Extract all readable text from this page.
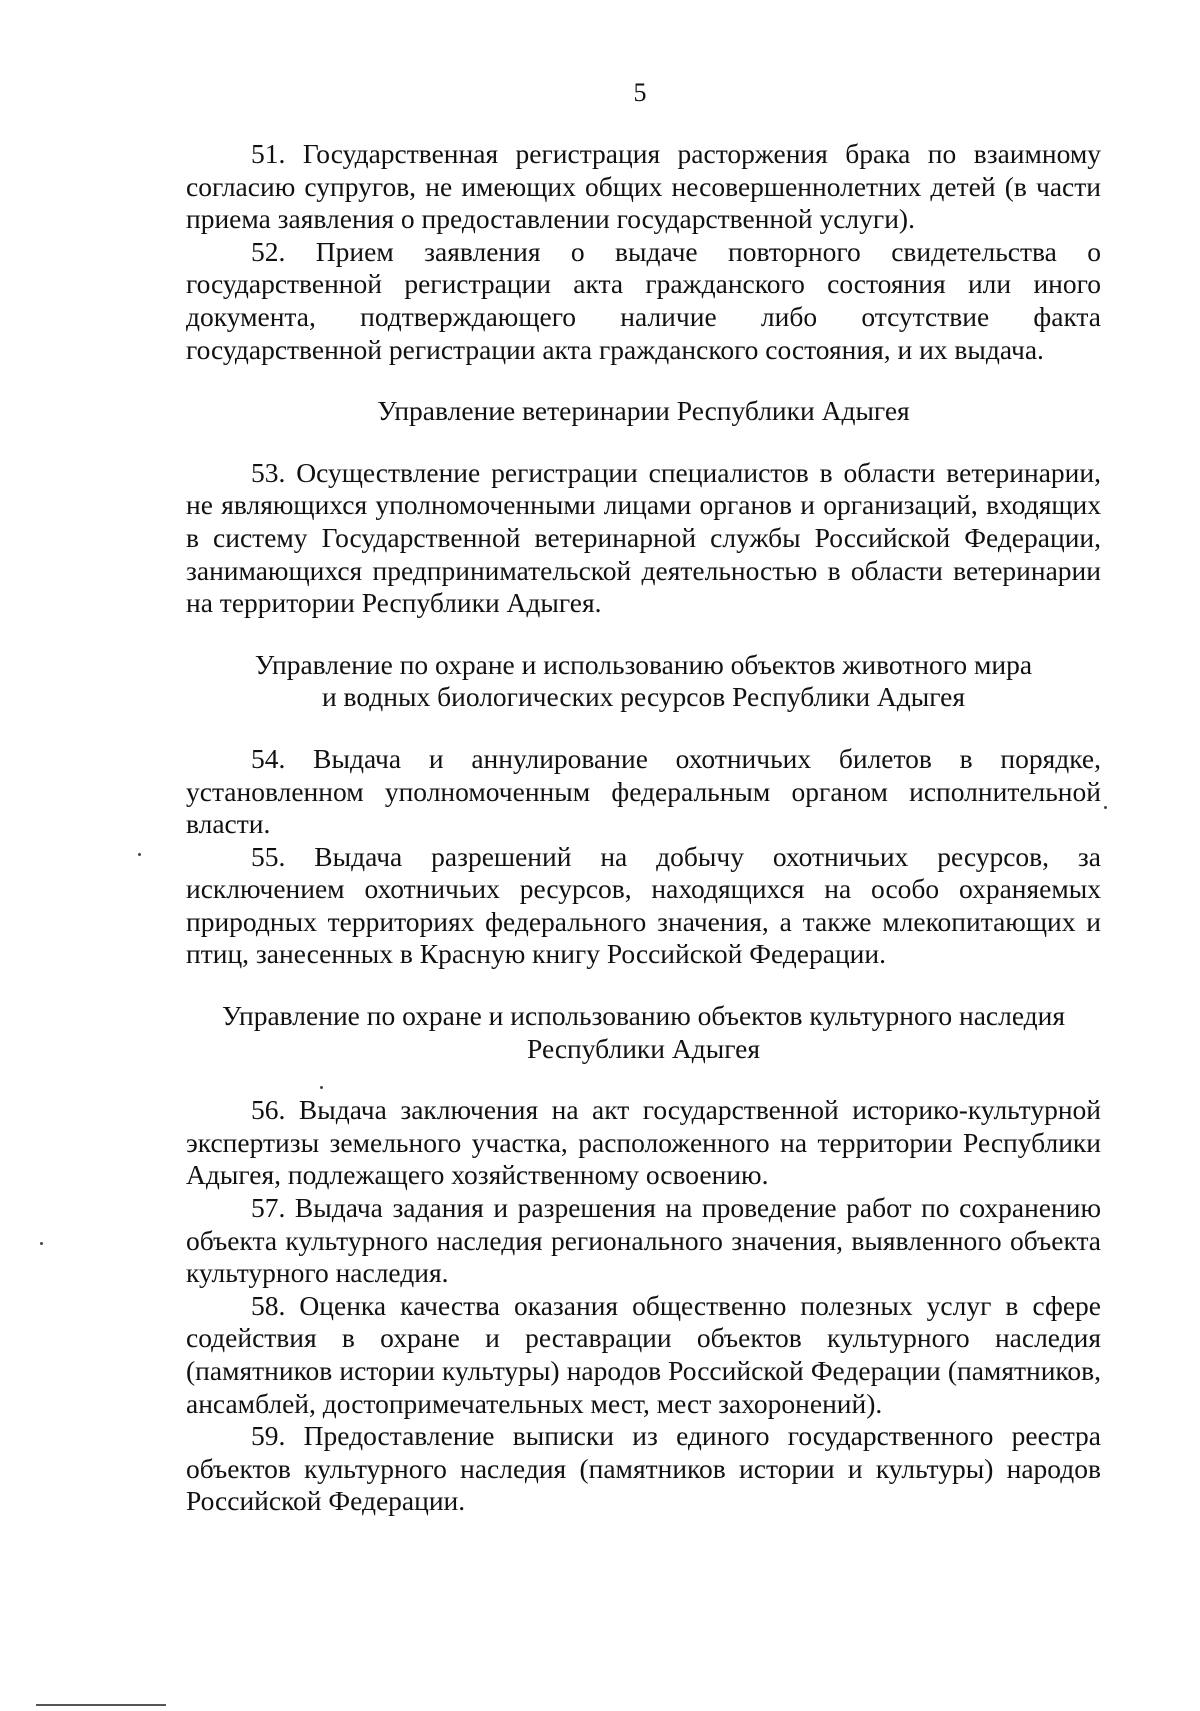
5

51. Государственная регистрация расторжения брака по взаимному согласию супругов, не имеющих общих несовершеннолетних детей (в части приема заявления о предоставлении государственной услуги).

52. Прием заявления о выдаче повторного свидетельства о государственной регистрации акта гражданского состояния или иного документа, подтверждающего наличие либо отсутствие факта государственной регистрации акта гражданского состояния, и их выдача.

Управление ветеринарии Республики Адыгея

53. Осуществление регистрации специалистов в области ветеринарии, не являющихся уполномоченными лицами органов и организаций, входящих в систему Государственной ветеринарной службы Российской Федерации, занимающихся предпринимательской деятельностью в области ветеринарии на территории Республики Адыгея.

Управление по охране и использованию объектов животного мира
и водных биологических ресурсов Республики Адыгея

54. Выдача и аннулирование охотничьих билетов в порядке, установленном уполномоченным федеральным органом исполнительной власти.

55. Выдача разрешений на добычу охотничьих ресурсов, за исключением охотничьих ресурсов, находящихся на особо охраняемых природных территориях федерального значения, а также млекопитающих и птиц, занесенных в Красную книгу Российской Федерации.

Управление по охране и использованию объектов культурного наследия
Республики Адыгея

56. Выдача заключения на акт государственной историко-культурной экспертизы земельного участка, расположенного на территории Республики Адыгея, подлежащего хозяйственному освоению.

57. Выдача задания и разрешения на проведение работ по сохранению объекта культурного наследия регионального значения, выявленного объекта культурного наследия.

58. Оценка качества оказания общественно полезных услуг в сфере содействия в охране и реставрации объектов культурного наследия (памятников истории культуры) народов Российской Федерации (памятников, ансамблей, достопримечательных мест, мест захоронений).

59. Предоставление выписки из единого государственного реестра объектов культурного наследия (памятников истории и культуры) народов Российской Федерации.
